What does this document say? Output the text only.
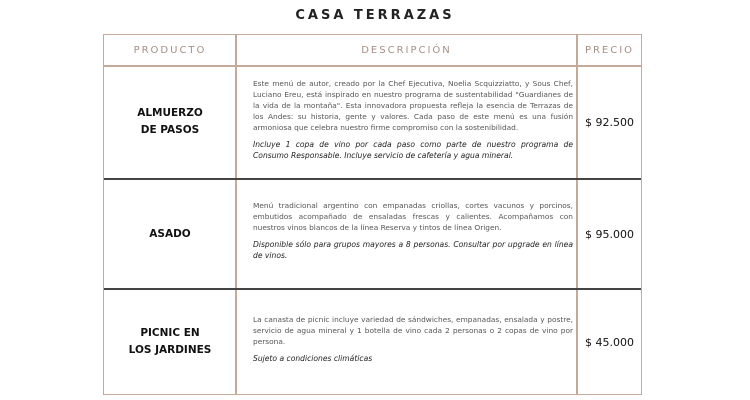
CASA TERRAZAS
PRODUCTO	DESCRIPCIÓN	PRECIO
ALMUERZO
DE PASOS

Este menú de autor, creado por la Chef Ejecutiva, Noelia Scquizziatto, y Sous Chef, Luciano Ereu, está inspirado en nuestro programa de sustentabilidad "Guardianes de la vida de la montaña". Esta innovadora propuesta refleja la esencia de Terrazas de los Andes: su historia, gente y valores. Cada paso de este menú es una fusión armoniosa que celebra nuestro firme compromiso con la sostenibilidad.

Incluye 1 copa de vino por cada paso como parte de nuestro programa de Consumo Responsable. Incluye servicio de cafetería y agua mineral.

$ 92.500
ASADO

Menú tradicional argentino con empanadas criollas, cortes vacunos y porcinos, embutidos acompañado de ensaladas frescas y calientes. Acompañamos con nuestros vinos blancos de la línea Reserva y tintos de línea Origen.

Disponible sólo para grupos mayores a 8 personas. Consultar por upgrade en línea de vinos.

$ 95.000
PICNIC EN
LOS JARDINES

La canasta de picnic incluye variedad de sándwiches, empanadas, ensalada y postre, servicio de agua mineral y 1 botella de vino cada 2 personas o 2 copas de vino por persona.

Sujeto a condiciones climáticas

$ 45.000
